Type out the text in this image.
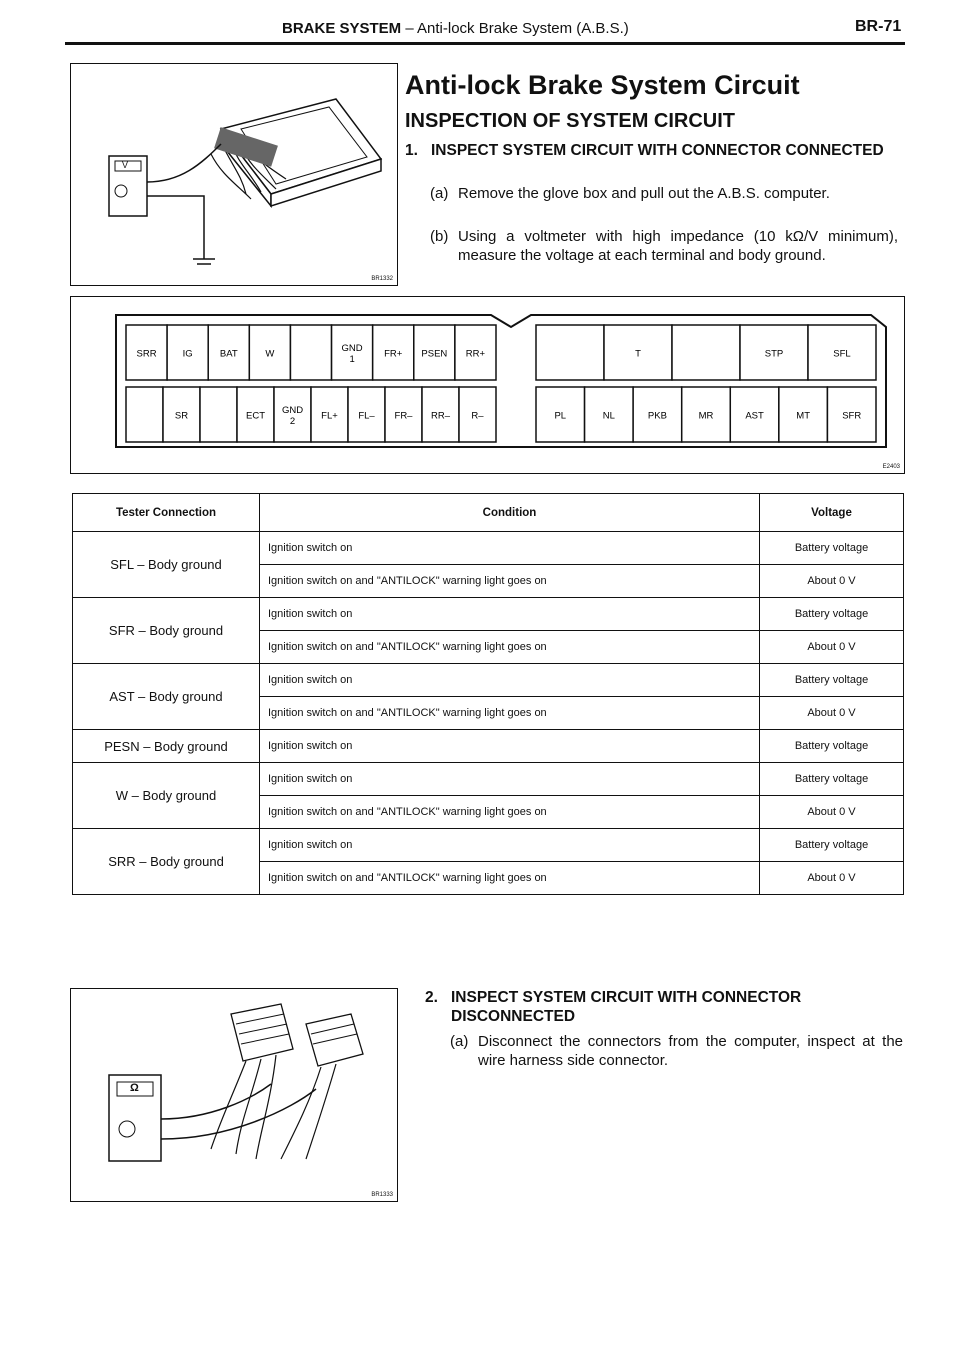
BRAKE SYSTEM – Anti-lock Brake System (A.B.S.)	BR-71
V
BR1332
Anti-lock Brake System Circuit
INSPECTION OF SYSTEM CIRCUIT
1. INSPECT SYSTEM CIRCUIT WITH CONNECTOR CONNECTED
(a) Remove the glove box and pull out the A.B.S. computer.
(b) Using a voltmeter with high impedance (10 kΩ/V minimum), measure the voltage at each terminal and body ground.
SRR	IG	BAT	W	GND
1	FR+ PSEN RR+
SR	ECT GND
2	FL+ FL– FR– RR– R–
T	STP	SFL
PL	NL	PKB	MR	AST	MT	SFR
E2403
Tester Connection	Condition	Voltage
SFL – Body ground	Ignition switch on	Battery voltage
	Ignition switch on and "ANTILOCK" warning light goes on	About 0 V
SFR – Body ground	Ignition switch on	Battery voltage
	Ignition switch on and "ANTILOCK" warning light goes on	About 0 V
AST – Body ground	Ignition switch on	Battery voltage
	Ignition switch on and "ANTILOCK" warning light goes on	About 0 V
PESN – Body ground	Ignition switch on	Battery voltage
W – Body ground	Ignition switch on	Battery voltage
	Ignition switch on and "ANTILOCK" warning light goes on	About 0 V
SRR – Body ground	Ignition switch on	Battery voltage
	Ignition switch on and "ANTILOCK" warning light goes on	About 0 V
Ω
BR1333
2. INSPECT SYSTEM CIRCUIT WITH CONNECTOR DISCONNECTED
(a) Disconnect the connectors from the computer, inspect at the wire harness side connector.
